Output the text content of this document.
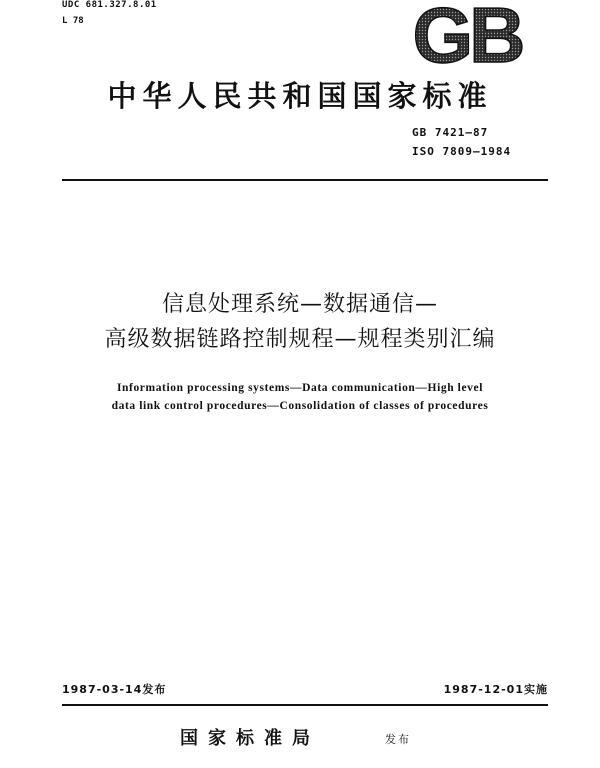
UDC 681.327.8.01
L 78	GB
中华人民共和国国家标准
GB 7421—87
ISO 7809—1984
信息处理系统—数据通信—
高级数据链路控制规程—规程类别汇编
Information processing systems—Data communication—High level
data link control procedures—Consolidation of classes of procedures
1987-03-14发布	1987-12-01实施
国家标准局	发布
